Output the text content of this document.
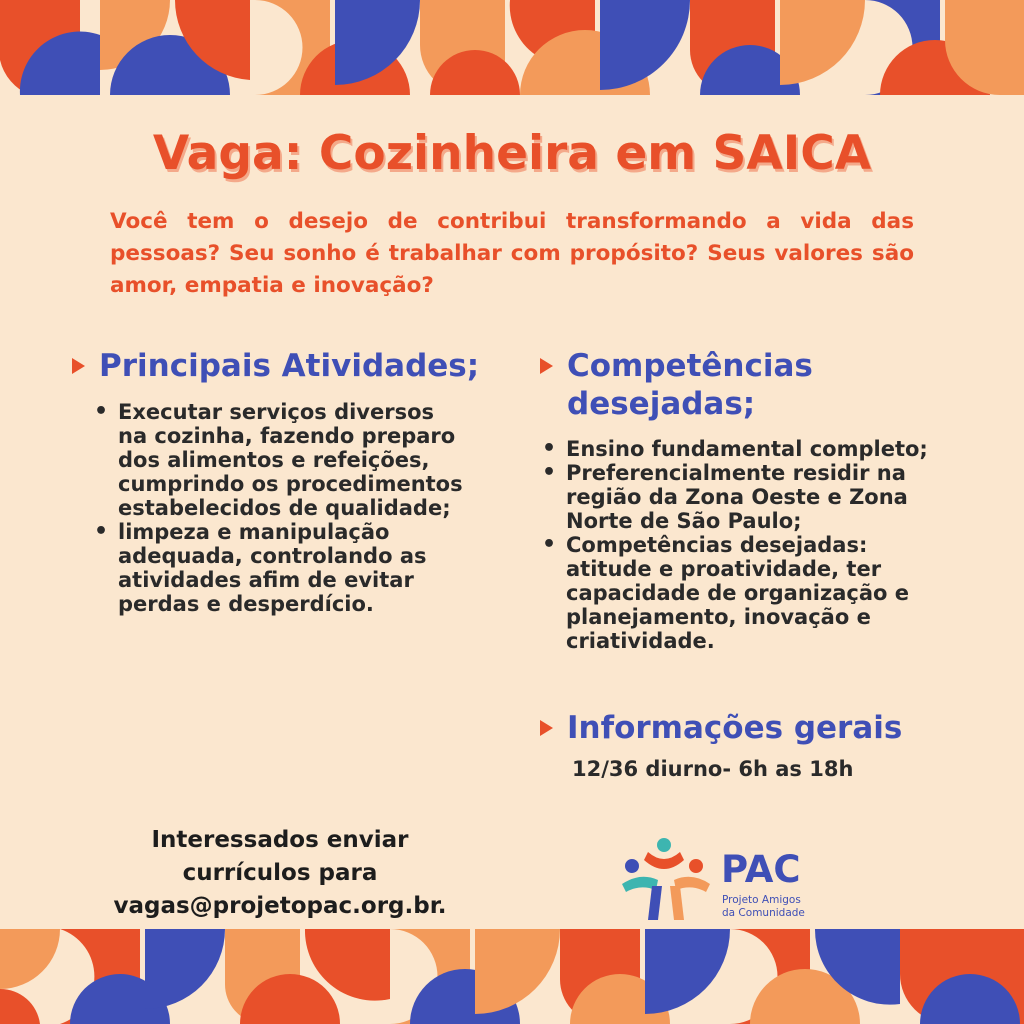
Vaga: Cozinheira em SAICA

Você tem o desejo de contribui transformando a vida das pessoas? Seu sonho é trabalhar com propósito? Seus valores são amor, empatia e inovação?

Principais Atividades;
• Executar serviços diversos na cozinha, fazendo preparo dos alimentos e refeições, cumprindo os procedimentos estabelecidos de qualidade;
• limpeza e manipulação adequada, controlando as atividades afim de evitar perdas e desperdício.
Competências
desejadas;
• Ensino fundamental completo;
• Preferencialmente residir na região da Zona Oeste e Zona Norte de São Paulo;
• Competências desejadas: atitude e proatividade, ter capacidade de organização e planejamento, inovação e criatividade.
Informações gerais
12/36 diurno- 6h as 18h
Interessados enviar
currículos para
vagas@projetopac.org.br.
PAC
Projeto Amigos
da Comunidade
